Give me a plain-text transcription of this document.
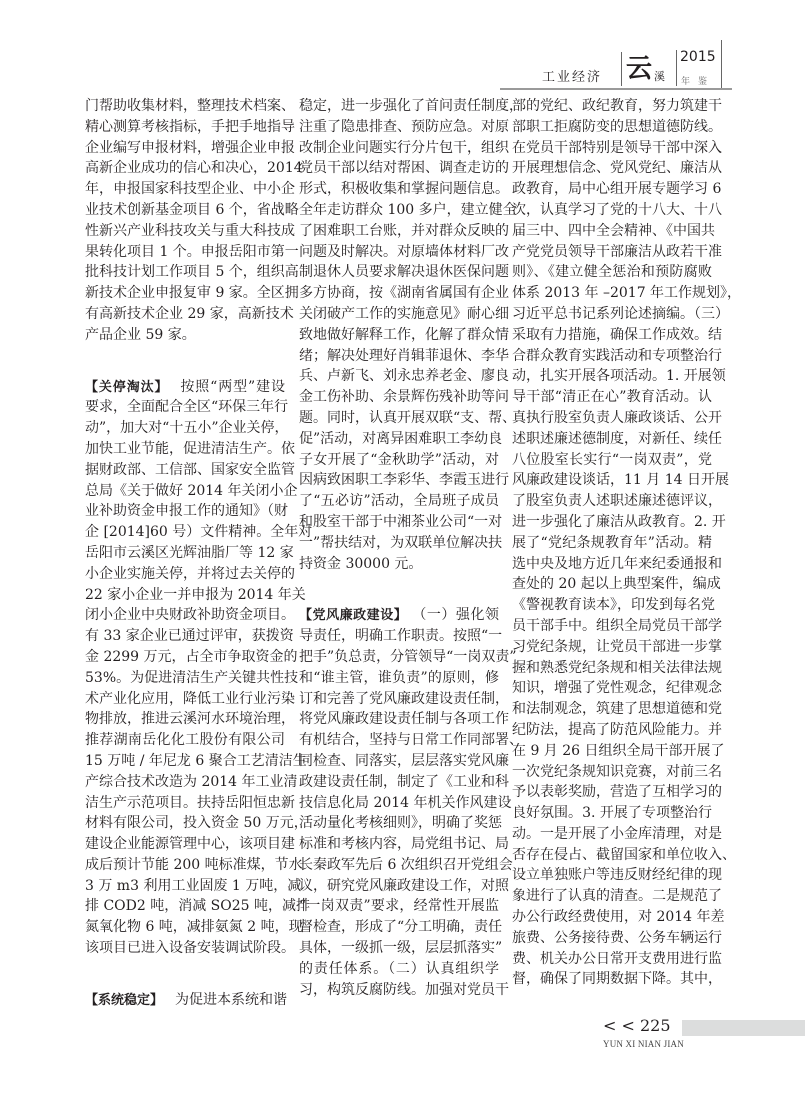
工业经济 云 溪
2015
年鉴
门帮助收集材料，整理技术档案、
精心测算考核指标，手把手地指导
企业编写申报材料，增强企业申报
高新企业成功的信心和决心，2014
年，申报国家科技型企业、中小企
业技术创新基金项目 6 个，省战略
性新兴产业科技攻关与重大科技成
果转化项目 1 个。申报岳阳市第一
批科技计划工作项目 5 个，组织高
新技术企业申报复审 9 家。全区拥
有高新技术企业 29 家，高新技术
产品企业 59 家。
【关停淘汰】 按照“两型”建设
要求，全面配合全区“环保三年行
动”，加大对“十五小”企业关停，
加快工业节能，促进清洁生产。依
据财政部、工信部、国家安全监管
总局《关于做好 2014 年关闭小企
业补助资金申报工作的通知》（财
企 [2014]60 号）文件精神。全年对
岳阳市云溪区光辉油脂厂等 12 家
小企业实施关停，并将过去关停的
22 家小企业一并申报为 2014 年关
闭小企业中央财政补助资金项目。
有 33 家企业已通过评审，获拨资
金 2299 万元，占全市争取资金的
53%。为促进清洁生产关键共性技
术产业化应用，降低工业行业污染
物排放，推进云溪河水环境治理，
推荐湖南岳化化工股份有限公司
15 万吨 / 年尼龙 6 聚合工艺清洁生
产综合技术改造为 2014 年工业清
洁生产示范项目。扶持岳阳恒忠新
材料有限公司，投入资金 50 万元，
建设企业能源管理中心，该项目建
成后预计节能 200 吨标准煤，节水
3 万 m3 利用工业固废 1 万吨，减
排 COD2 吨，消减 SO25 吨，减排
氮氧化物 6 吨，减排氨氮 2 吨，现
该项目已进入设备安装调试阶段。
【系统稳定】 为促进本系统和谐
稳定，进一步强化了首问责任制度，
注重了隐患排查、预防应急。对原
改制企业问题实行分片包干，组织
党员干部以结对帮困、调查走访的
形式，积极收集和掌握问题信息。
全年走访群众 100 多户，建立健全
了困难职工台账，并对群众反映的
问题及时解决。对原墙体材料厂改
制退休人员要求解决退休医保问题
多方协商，按《湖南省属国有企业
关闭破产工作的实施意见》耐心细
致地做好解释工作，化解了群众情
绪；解决处理好肖辑菲退休、李华
兵、卢新飞、刘永忠养老金、廖良
金工伤补助、余景辉伤残补助等问
题。同时，认真开展双联“支、帮、
促”活动，对离异困难职工李幼良
子女开展了“金秋助学”活动，对
因病致困职工李彩华、李霞玉进行
了“五必访”活动，全局班子成员
和股室干部于中湘茶业公司“一对
一”帮扶结对，为双联单位解决扶
持资金 30000 元。
【党风廉政建设】 （一）强化领
导责任，明确工作职责。按照“一
把手”负总责，分管领导“一岗双责”
和“谁主管，谁负责”的原则，修
订和完善了党风廉政建设责任制，
将党风廉政建设责任制与各项工作
有机结合，坚持与日常工作同部署、
同检查、同落实，层层落实党风廉
政建设责任制，制定了《工业和科
技信息化局 2014 年机关作风建设
活动量化考核细则》，明确了奖惩
标准和考核内容，局党组书记、局
长秦政军先后 6 次组织召开党组会
议，研究党风廉政建设工作，对照
“一岗双责”要求，经常性开展监
督检查，形成了“分工明确，责任
具体，一级抓一级，层层抓落实”
的责任体系。（二）认真组织学
习，构筑反腐防线。加强对党员干
部的党纪、政纪教育，努力筑建干
部职工拒腐防变的思想道德防线。
在党员干部特别是领导干部中深入
开展理想信念、党风党纪、廉洁从
政教育，局中心组开展专题学习 6
次，认真学习了党的十八大、十八
届三中、四中全会精神、《中国共
产党党员领导干部廉洁从政若干准
则》、《建立健全惩治和预防腐败
体系 2013 年 –2017 年工作规划》，
习近平总书记系列论述摘编。（三）
采取有力措施，确保工作成效。结
合群众教育实践活动和专项整治行
动，扎实开展各项活动。1. 开展领
导干部“清正在心”教育活动。认
真执行股室负责人廉政谈话、公开
述职述廉述德制度，对新任、续任
八位股室长实行“一岗双责”，党
风廉政建设谈话，11 月 14 日开展
了股室负责人述职述廉述德评议，
进一步强化了廉洁从政教育。2. 开
展了“党纪条规教育年”活动。精
选中央及地方近几年来纪委通报和
查处的 20 起以上典型案件，编成
《警视教育读本》，印发到每名党
员干部手中。组织全局党员干部学
习党纪条规，让党员干部进一步掌
握和熟悉党纪条规和相关法律法规
知识，增强了党性观念，纪律观念
和法制观念，筑建了思想道德和党
纪防法，提高了防范风险能力。并
在 9 月 26 日组织全局干部开展了
一次党纪条规知识竞赛，对前三名
予以表彰奖励，营造了互相学习的
良好氛围。3. 开展了专项整治行
动。一是开展了小金库清理，对是
否存在侵占、截留国家和单位收入、
设立单独账户等违反财经纪律的现
象进行了认真的清查。二是规范了
办公行政经费使用，对 2014 年差
旅费、公务接待费、公务车辆运行
费、机关办公日常开支费用进行监
督，确保了同期数据下降。其中，
< < 225
YUN XI NIAN JIAN
